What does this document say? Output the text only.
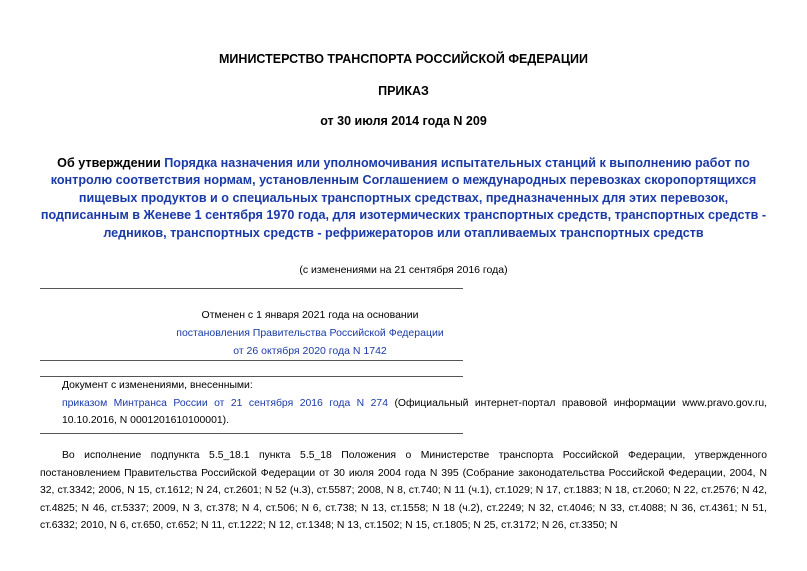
МИНИСТЕРСТВО ТРАНСПОРТА РОССИЙСКОЙ ФЕДЕРАЦИИ

ПРИКАЗ

от 30 июля 2014 года N 209

Об утверждении Порядка назначения или уполномочивания испытательных станций к выполнению работ по контролю соответствия нормам, установленным Соглашением о международных перевозках скоропортящихся пищевых продуктов и о специальных транспортных средствах, предназначенных для этих перевозок, подписанным в Женеве 1 сентября 1970 года, для изотермических транспортных средств, транспортных средств - ледников, транспортных средств - рефрижераторов или отапливаемых транспортных средств

(с изменениями на 21 сентября 2016 года)

Отменен с 1 января 2021 года на основании
постановления Правительства Российской Федерации
от 26 октября 2020 года N 1742
Документ с изменениями, внесенными:
приказом Минтранса России от 21 сентября 2016 года N 274 (Официальный интернет-портал правовой информации www.pravo.gov.ru, 10.10.2016, N 0001201610100001).

Во исполнение подпункта 5.5_18.1 пункта 5.5_18 Положения о Министерстве транспорта Российской Федерации, утвержденного постановлением Правительства Российской Федерации от 30 июля 2004 года N 395 (Собрание законодательства Российской Федерации, 2004, N 32, ст.3342; 2006, N 15, ст.1612; N 24, ст.2601; N 52 (ч.3), ст.5587; 2008, N 8, ст.740; N 11 (ч.1), ст.1029; N 17, ст.1883; N 18, ст.2060; N 22, ст.2576; N 42, ст.4825; N 46, ст.5337; 2009, N 3, ст.378; N 4, ст.506; N 6, ст.738; N 13, ст.1558; N 18 (ч.2), ст.2249; N 32, ст.4046; N 33, ст.4088; N 36, ст.4361; N 51, ст.6332; 2010, N 6, ст.650, ст.652; N 11, ст.1222; N 12, ст.1348; N 13, ст.1502; N 15, ст.1805; N 25, ст.3172; N 26, ст.3350; N
